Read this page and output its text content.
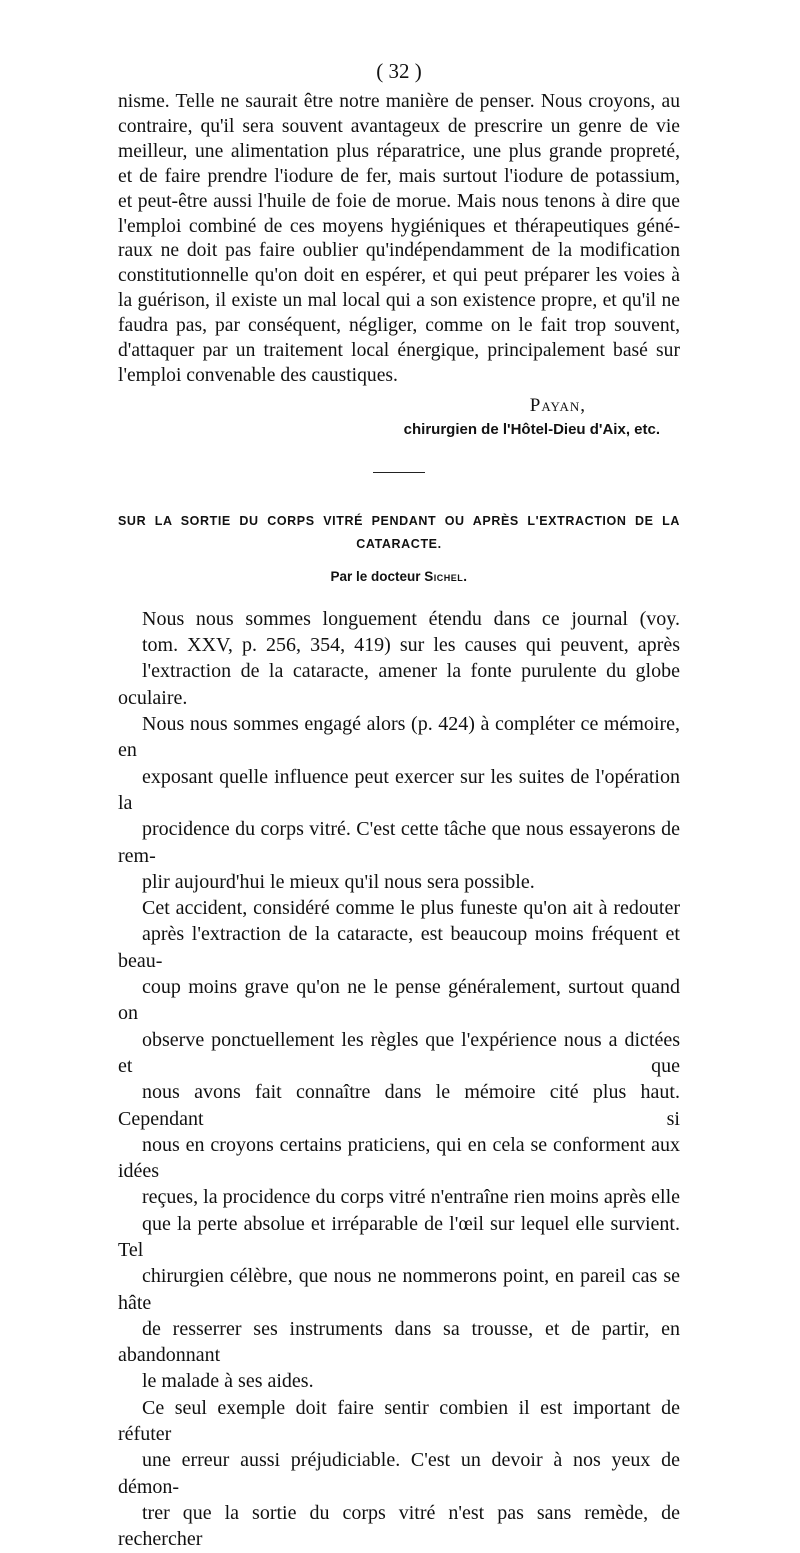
( 32 )

nisme. Telle ne saurait être notre manière de penser. Nous croyons, au
contraire, qu'il sera souvent avantageux de prescrire un genre de vie
meilleur, une alimentation plus réparatrice, une plus grande propreté,
et de faire prendre l'iodure de fer, mais surtout l'iodure de potassium,
et peut-être aussi l'huile de foie de morue. Mais nous tenons à dire que
l'emploi combiné de ces moyens hygiéniques et thérapeutiques géné-
raux ne doit pas faire oublier qu'indépendamment de la modification
constitutionnelle qu'on doit en espérer, et qui peut préparer les voies à
la guérison, il existe un mal local qui a son existence propre, et qu'il ne
faudra pas, par conséquent, négliger, comme on le fait trop souvent,
d'attaquer par un traitement local énergique, principalement basé sur
l'emploi convenable des caustiques.

Payan,
chirurgien de l'Hôtel-Dieu d'Aix, etc.
SUR LA SORTIE DU CORPS VITRÉ PENDANT OU APRÈS L'EXTRACTION DE LA
CATARACTE.
Par le docteur Sichel.

Nous nous sommes longuement étendu dans ce journal (voy.
tom. XXV, p. 256, 354, 419) sur les causes qui peuvent, après
l'extraction de la cataracte, amener la fonte purulente du globe oculaire.
Nous nous sommes engagé alors (p. 424) à compléter ce mémoire, en
exposant quelle influence peut exercer sur les suites de l'opération la
procidence du corps vitré. C'est cette tâche que nous essayerons de rem-
plir aujourd'hui le mieux qu'il nous sera possible.

Cet accident, considéré comme le plus funeste qu'on ait à redouter
après l'extraction de la cataracte, est beaucoup moins fréquent et beau-
coup moins grave qu'on ne le pense généralement, surtout quand on
observe ponctuellement les règles que l'expérience nous a dictées et que
nous avons fait connaître dans le mémoire cité plus haut. Cependant si
nous en croyons certains praticiens, qui en cela se conforment aux idées
reçues, la procidence du corps vitré n'entraîne rien moins après elle
que la perte absolue et irréparable de l'œil sur lequel elle survient. Tel
chirurgien célèbre, que nous ne nommerons point, en pareil cas se hâte
de resserrer ses instruments dans sa trousse, et de partir, en abandonnant
le malade à ses aides.

Ce seul exemple doit faire sentir combien il est important de réfuter
une erreur aussi préjudiciable. C'est un devoir à nos yeux de démon-
trer que la sortie du corps vitré n'est pas sans remède, de rechercher
